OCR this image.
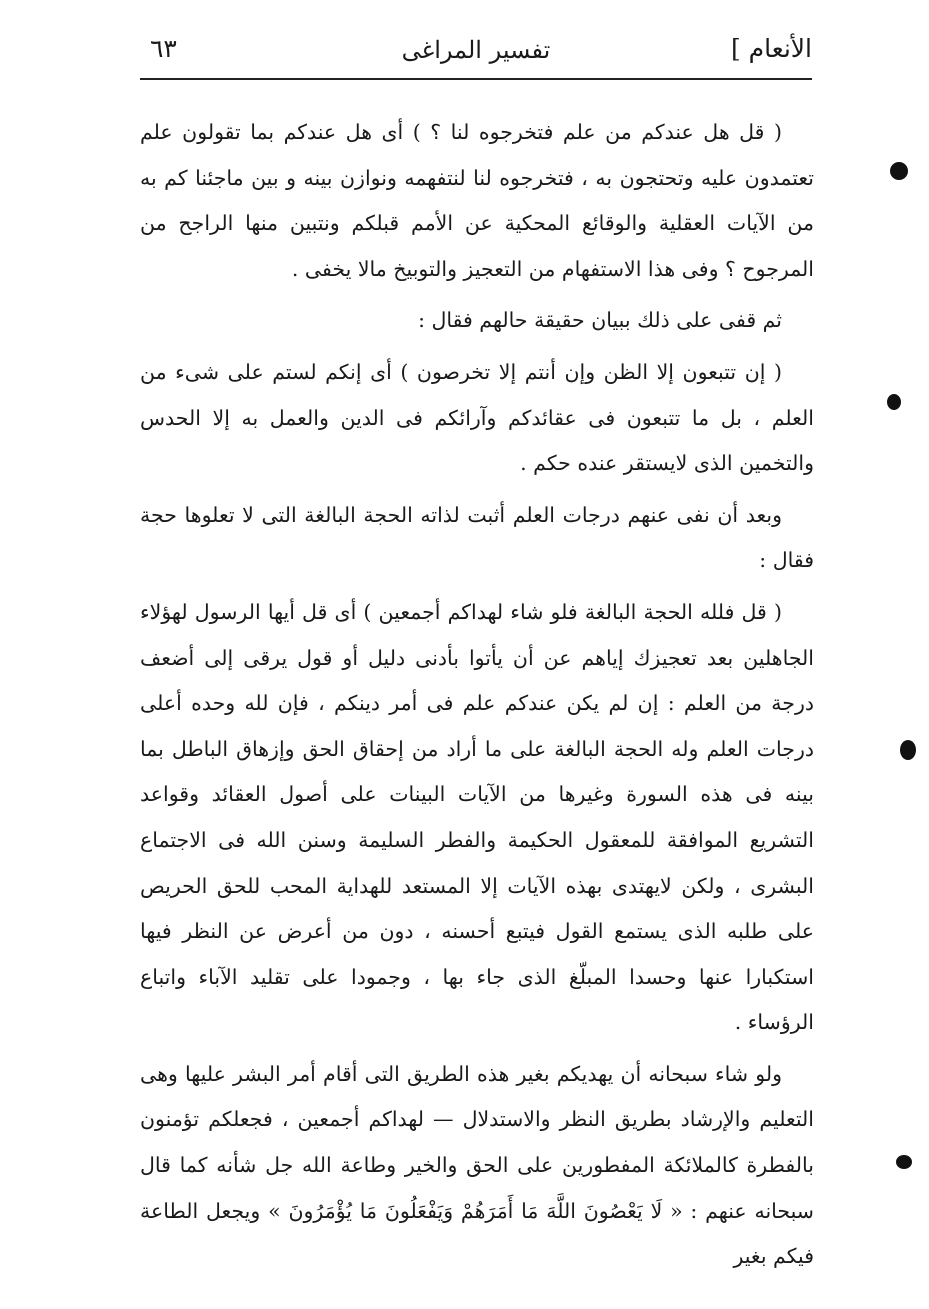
الأنعام ]
تفسير المراغى
٦٣

( قل هل عندكم من علم فتخرجوه لنا ؟ ) أى هل عندكم بما تقولون علم تعتمدون عليه وتحتجون به ، فتخرجوه لنا لنتفهمه ونوازن بينه و بين ماجئنا كم به من الآيات العقلية والوقائع المحكية عن الأمم قبلكم ونتبين منها الراجح من المرجوح ؟ وفى هذا الاستفهام من التعجيز والتوبيخ مالا يخفى .

ثم قفى على ذلك ببيان حقيقة حالهم فقال :

( إن تتبعون إلا الظن وإن أنتم إلا تخرصون ) أى إنكم لستم على شىء من العلم ، بل ما تتبعون فى عقائدكم وآرائكم فى الدين والعمل به إلا الحدس والتخمين الذى لايستقر عنده حكم .

وبعد أن نفى عنهم درجات العلم أثبت لذاته الحجة البالغة التى لا تعلوها حجة فقال :

( قل فلله الحجة البالغة فلو شاء لهداكم أجمعين ) أى قل أيها الرسول لهؤلاء الجاهلين بعد تعجيزك إياهم عن أن يأتوا بأدنى دليل أو قول يرقى إلى أضعف درجة من العلم : إن لم يكن عندكم علم فى أمر دينكم ، فإن لله وحده أعلى درجات العلم وله الحجة البالغة على ما أراد من إحقاق الحق وإزهاق الباطل بما بينه فى هذه السورة وغيرها من الآيات البينات على أصول العقائد وقواعد التشريع الموافقة للمعقول الحكيمة والفطر السليمة وسنن الله فى الاجتماع البشرى ، ولكن لايهتدى بهذه الآيات إلا المستعد للهداية المحب للحق الحريص على طلبه الذى يستمع القول فيتبع أحسنه ، دون من أعرض عن النظر فيها استكبارا عنها وحسدا المبلّغ الذى جاء بها ، وجمودا على تقليد الآباء واتباع الرؤساء .

ولو شاء سبحانه أن يهديكم بغير هذه الطريق التى أقام أمر البشر عليها وهى التعليم والإرشاد بطريق النظر والاستدلال — لهداكم أجمعين ، فجعلكم تؤمنون بالفطرة كالملائكة المفطورين على الحق والخير وطاعة الله جل شأنه كما قال سبحانه عنهم : « لَا يَعْصُونَ اللَّهَ مَا أَمَرَهُمْ وَيَفْعَلُونَ مَا يُؤْمَرُونَ » ويجعل الطاعة فيكم بغير
